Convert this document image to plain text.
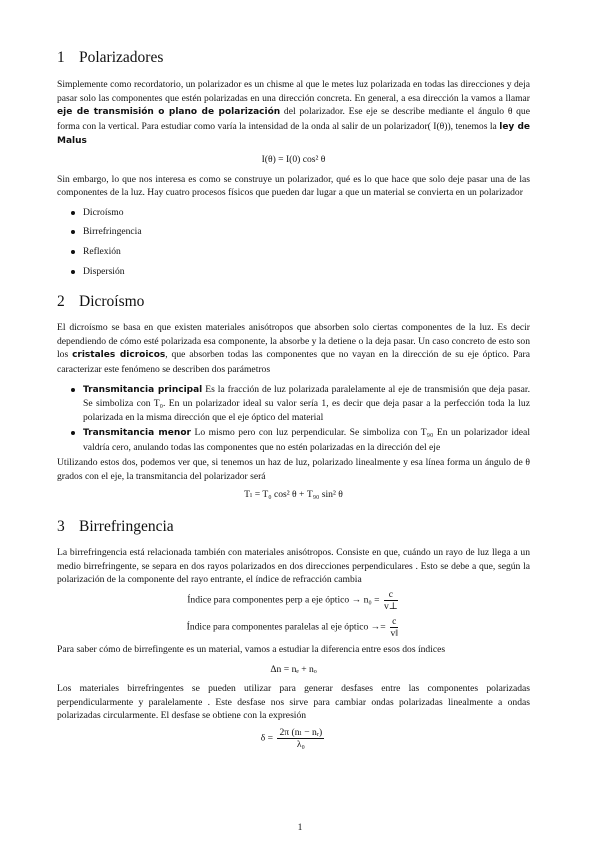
1 Polarizadores

Simplemente como recordatorio, un polarizador es un chisme al que le metes luz polarizada en todas las direcciones y deja pasar solo las componentes que estén polarizadas en una dirección concreta. En general, a esa dirección la vamos a llamar eje de transmisión o plano de polarización del polarizador. Ese eje se describe mediante el ángulo θ que forma con la vertical. Para estudiar como varía la intensidad de la onda al salir de un polarizador( I(θ)), tenemos la ley de Malus

I(θ) = I(0) cos² θ

Sin embargo, lo que nos interesa es como se construye un polarizador, qué es lo que hace que solo deje pasar una de las componentes de la luz. Hay cuatro procesos físicos que pueden dar lugar a que un material se convierta en un polarizador

Dicroísmo
Birrefringencia
Reflexión
Dispersión
2 Dicroísmo

El dicroísmo se basa en que existen materiales anisótropos que absorben solo ciertas componentes de la luz. Es decir dependiendo de cómo esté polarizada esa componente, la absorbe y la detiene o la deja pasar. Un caso concreto de esto son los cristales dicroicos, que absorben todas las componentes que no vayan en la dirección de su eje óptico. Para caracterizar este fenómeno se describen dos parámetros

Transmitancia principal Es la fracción de luz polarizada paralelamente al eje de transmisión que deja pasar. Se simboliza con T₀. En un polarizador ideal su valor sería 1, es decir que deja pasar a la perfección toda la luz polarizada en la misma dirección que el eje óptico del material
Transmitancia menor Lo mismo pero con luz perpendicular. Se simboliza con T₉₀ En un polarizador ideal valdría cero, anulando todas las componentes que no estén polarizadas en la dirección del eje

Utilizando estos dos, podemos ver que, si tenemos un haz de luz, polarizado linealmente y esa línea forma un ángulo de θ grados con el eje, la transmitancia del polarizador será

Tₗ = T₀ cos² θ + T₉₀ sin² θ
3 Birrefringencia

La birrefringencia está relacionada también con materiales anisótropos. Consiste en que, cuándo un rayo de luz llega a un medio birrefringente, se separa en dos rayos polarizados en dos direcciones perpendiculares . Esto se debe a que, según la polarización de la componente del rayo entrante, el índice de refracción cambia

Índice para componentes perp a eje óptico → $n_0 = \frac{c}{v\perp}$
Índice para componentes paralelas al eje óptico →= $\frac{c}{vǁ}$

Para saber cómo de birrefingente es un material, vamos a estudiar la diferencia entre esos dos índices

Δn = nₑ + nₒ

Los materiales birrefringentes se pueden utilizar para generar desfases entre las componentes polarizadas perpendicularmente y paralelamente . Este desfase nos sirve para cambiar ondas polarizadas linealmente a ondas polarizadas circularmente. El desfase se obtiene con la expresión

$\delta = \frac{\text{2π (nₗ − nᵣ)}}{\text{λ₀}}$
1
